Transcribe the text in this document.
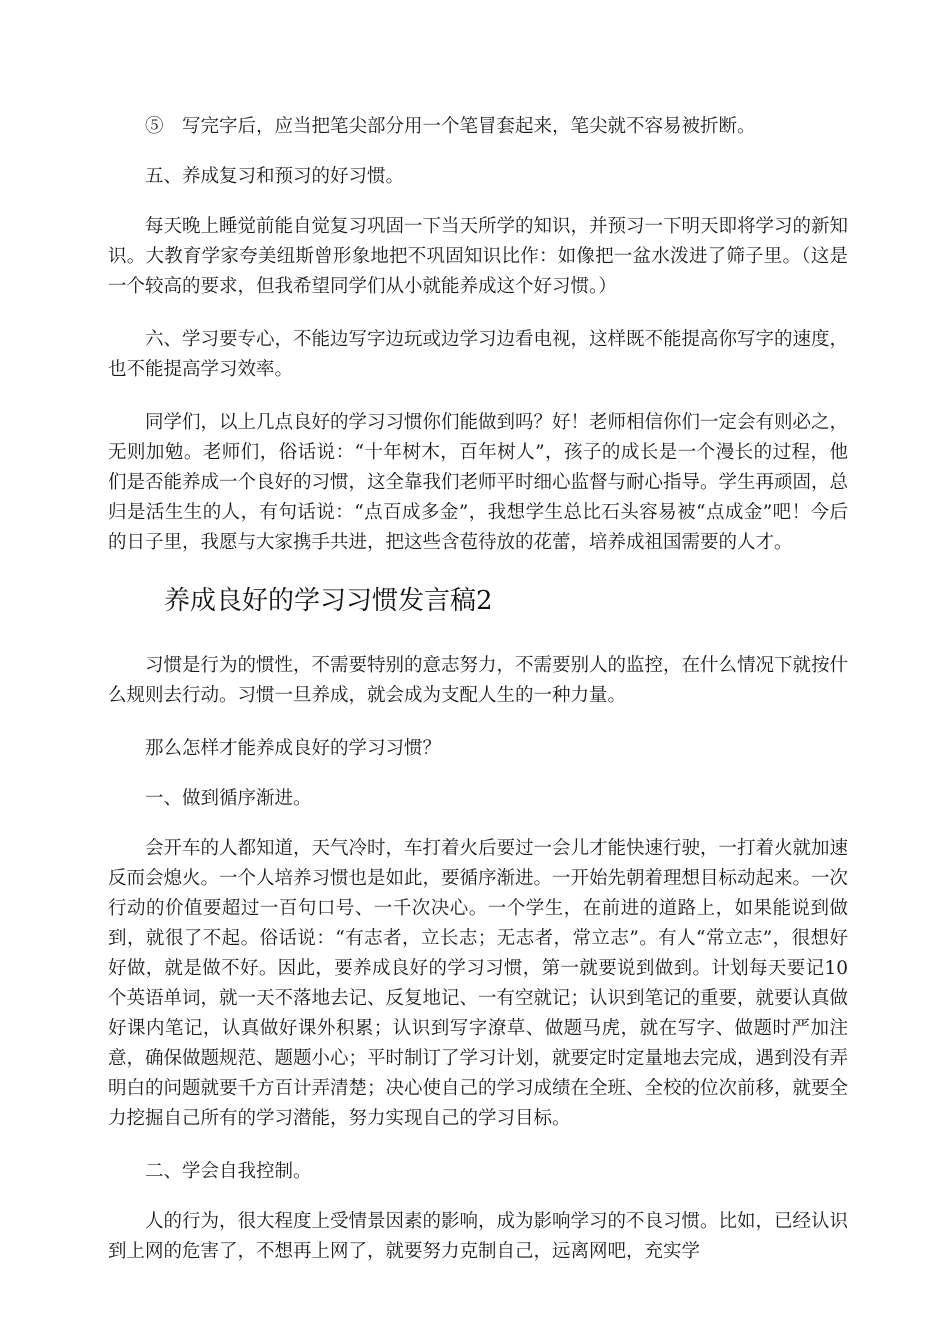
⑤　写完字后，应当把笔尖部分用一个笔冒套起来，笔尖就不容易被折断。

五、养成复习和预习的好习惯。

每天晚上睡觉前能自觉复习巩固一下当天所学的知识，并预习一下明天即将学习的新知识。大教育学家夸美纽斯曾形象地把不巩固知识比作：如像把一盆水泼进了筛子里。（这是一个较高的要求，但我希望同学们从小就能养成这个好习惯。）

六、学习要专心，不能边写字边玩或边学习边看电视，这样既不能提高你写字的速度，也不能提高学习效率。

同学们，以上几点良好的学习习惯你们能做到吗？好！老师相信你们一定会有则必之，无则加勉。老师们，俗话说：“十年树木，百年树人”，孩子的成长是一个漫长的过程，他们是否能养成一个良好的习惯，这全靠我们老师平时细心监督与耐心指导。学生再顽固，总归是活生生的人，有句话说：“点百成多金”，我想学生总比石头容易被“点成金”吧！今后的日子里，我愿与大家携手共进，把这些含苞待放的花蕾，培养成祖国需要的人才。

养成良好的学习习惯发言稿2

习惯是行为的惯性，不需要特别的意志努力，不需要别人的监控，在什么情况下就按什么规则去行动。习惯一旦养成，就会成为支配人生的一种力量。

那么怎样才能养成良好的学习习惯？

一、做到循序渐进。

会开车的人都知道，天气冷时，车打着火后要过一会儿才能快速行驶，一打着火就加速反而会熄火。一个人培养习惯也是如此，要循序渐进。一开始先朝着理想目标动起来。一次行动的价值要超过一百句口号、一千次决心。一个学生，在前进的道路上，如果能说到做到，就很了不起。俗话说：“有志者，立长志；无志者，常立志”。有人“常立志”，很想好好做，就是做不好。因此，要养成良好的学习习惯，第一就要说到做到。计划每天要记10个英语单词，就一天不落地去记、反复地记、一有空就记；认识到笔记的重要，就要认真做好课内笔记，认真做好课外积累；认识到写字潦草、做题马虎，就在写字、做题时严加注意，确保做题规范、题题小心；平时制订了学习计划，就要定时定量地去完成，遇到没有弄明白的问题就要千方百计弄清楚；决心使自己的学习成绩在全班、全校的位次前移，就要全力挖掘自己所有的学习潜能，努力实现自己的学习目标。

二、学会自我控制。

人的行为，很大程度上受情景因素的影响，成为影响学习的不良习惯。比如，已经认识到上网的危害了，不想再上网了，就要努力克制自己，远离网吧，充实学
